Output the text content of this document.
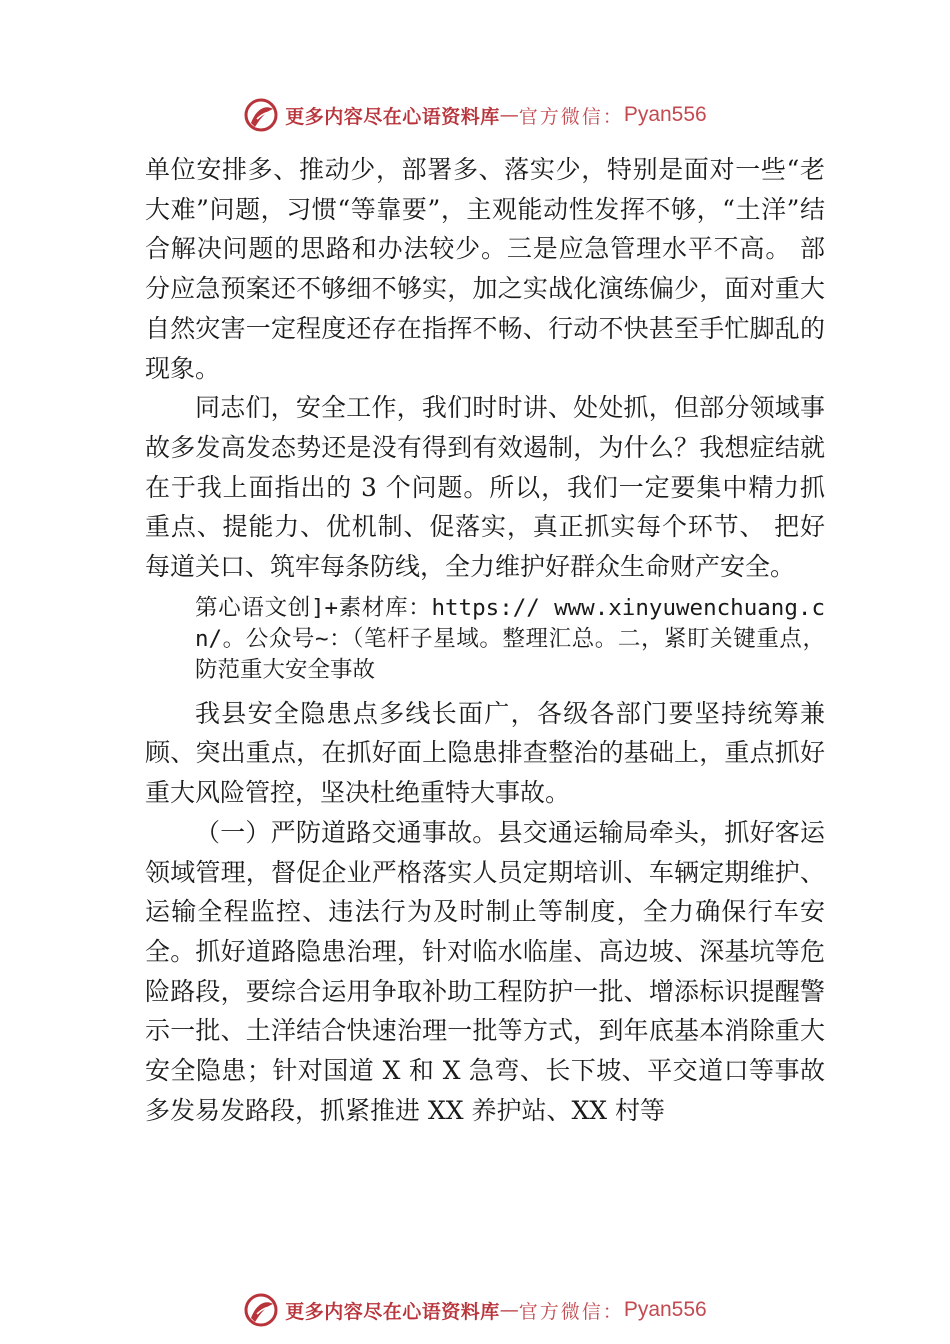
更多内容尽在心语资料库 — 官方微信： Pyan556

单位安排多、推动少，部署多、落实少，特别是面对一些“老大难”问题，习惯“等靠要”，主观能动性发挥不够，“土洋”结合解决问题的思路和办法较少。三是应急管理水平不高。 部分应急预案还不够细不够实，加之实战化演练偏少，面对重大自然灾害一定程度还存在指挥不畅、行动不快甚至手忙脚乱的现象。

同志们，安全工作，我们时时讲、处处抓，但部分领域事故多发高发态势还是没有得到有效遏制，为什么？我想症结就在于我上面指出的 3 个问题。所以，我们一定要集中精力抓重点、提能力、优机制、促落实，真正抓实每个环节、 把好每道关口、筑牢每条防线，全力维护好群众生命财产安全。

第心语文创]+素材库：https:// www.xinyuwenchuang.cn/。公众号~：（笔杆子星域。整理汇总。二，紧盯关键重点，防范重大安全事故

我县安全隐患点多线长面广，各级各部门要坚持统筹兼顾、突出重点，在抓好面上隐患排查整治的基础上，重点抓好重大风险管控，坚决杜绝重特大事故。

（一）严防道路交通事故。县交通运输局牵头，抓好客运领域管理，督促企业严格落实人员定期培训、车辆定期维护、运输全程监控、违法行为及时制止等制度，全力确保行车安全。抓好道路隐患治理，针对临水临崖、高边坡、深基坑等危险路段，要综合运用争取补助工程防护一批、增添标识提醒警示一批、土洋结合快速治理一批等方式，到年底基本消除重大安全隐患；针对国道 X 和 X 急弯、长下坡、平交道口等事故多发易发路段，抓紧推进 XX 养护站、XX 村等

更多内容尽在心语资料库 — 官方微信： Pyan556
